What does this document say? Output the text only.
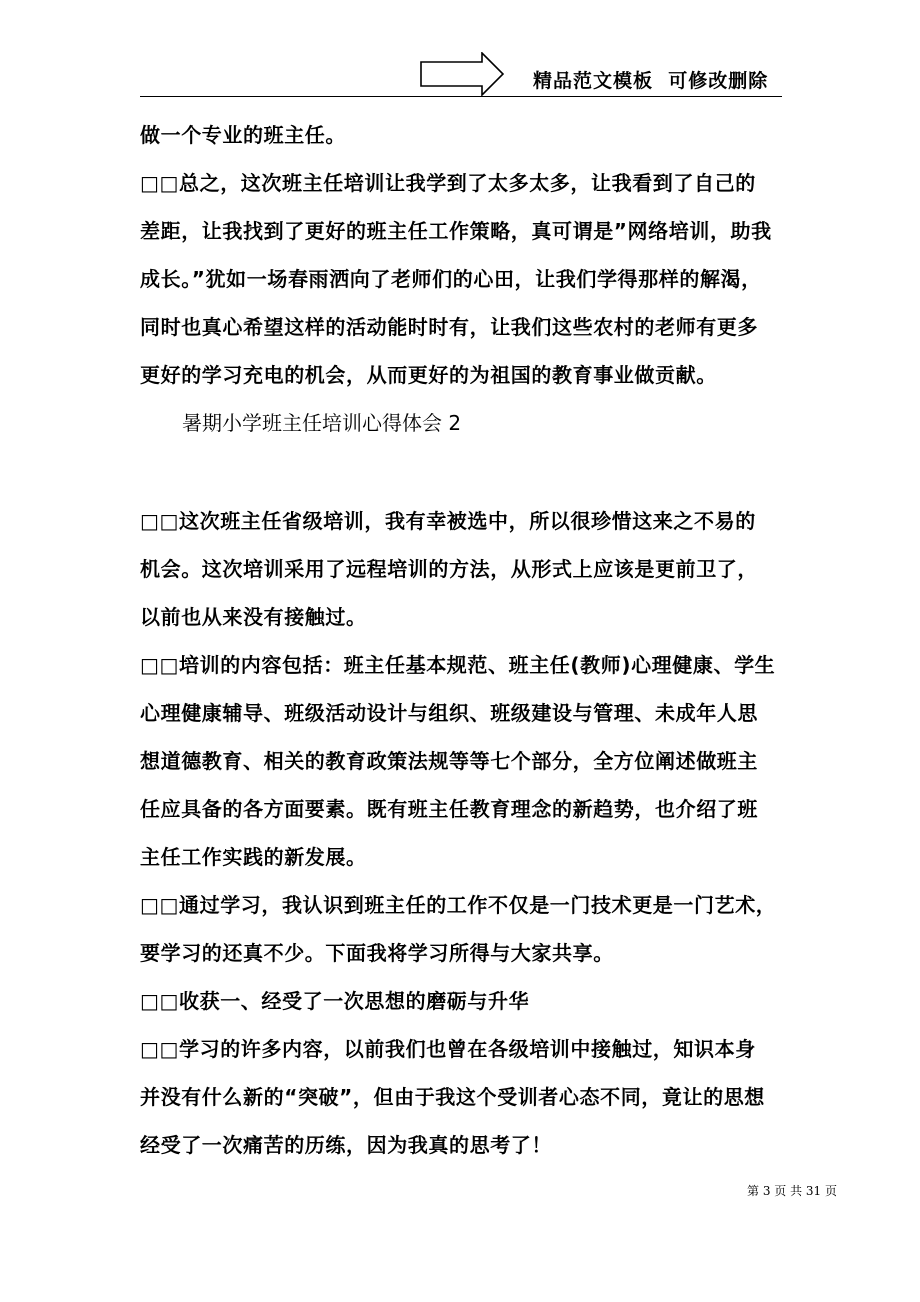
精品范文模板  可修改删除
做一个专业的班主任。
□□总之，这次班主任培训让我学到了太多太多，让我看到了自己的
差距，让我找到了更好的班主任工作策略，真可谓是”网络培训，助我
成长。”犹如一场春雨洒向了老师们的心田，让我们学得那样的解渴，
同时也真心希望这样的活动能时时有，让我们这些农村的老师有更多
更好的学习充电的机会，从而更好的为祖国的教育事业做贡献。
暑期小学班主任培训心得体会 2
□□这次班主任省级培训，我有幸被选中，所以很珍惜这来之不易的
机会。这次培训采用了远程培训的方法，从形式上应该是更前卫了，
以前也从来没有接触过。
□□培训的内容包括：班主任基本规范、班主任(教师)心理健康、学生
心理健康辅导、班级活动设计与组织、班级建设与管理、未成年人思
想道德教育、相关的教育政策法规等等七个部分，全方位阐述做班主
任应具备的各方面要素。既有班主任教育理念的新趋势，也介绍了班
主任工作实践的新发展。
□□通过学习，我认识到班主任的工作不仅是一门技术更是一门艺术，
要学习的还真不少。下面我将学习所得与大家共享。
□□收获一、经受了一次思想的磨砺与升华
□□学习的许多内容，以前我们也曾在各级培训中接触过，知识本身
并没有什么新的“突破”，但由于我这个受训者心态不同，竟让的思想
经受了一次痛苦的历练，因为我真的思考了！
第 3 页 共 31 页
